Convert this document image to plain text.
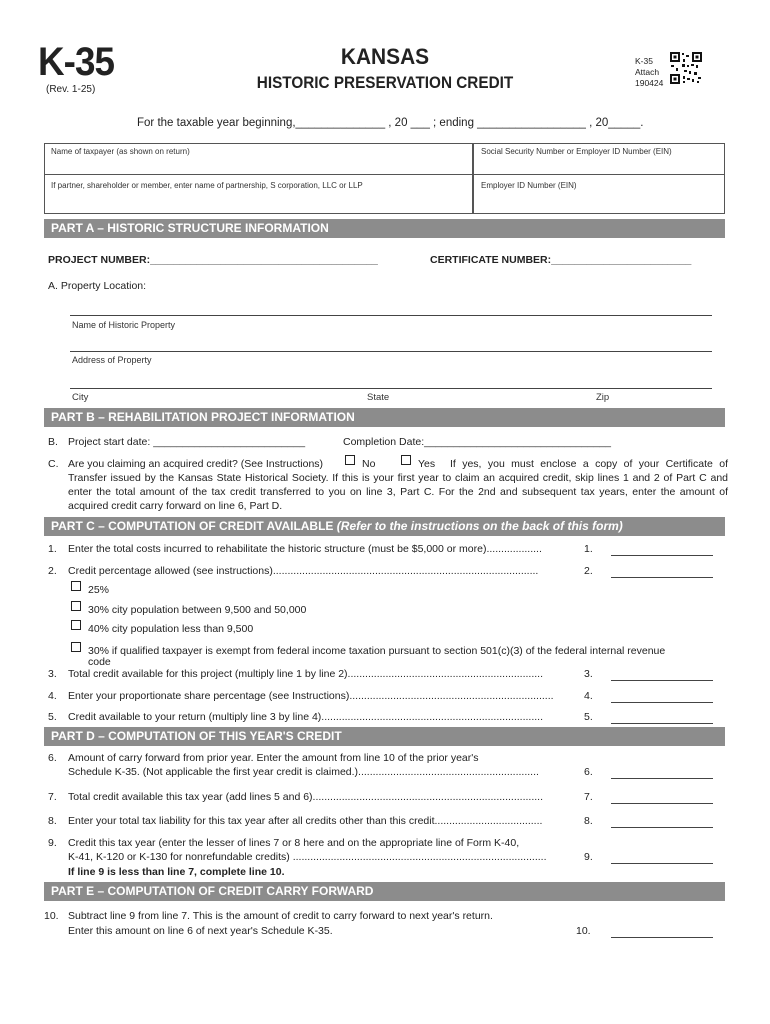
K-35
(Rev. 1-25)
KANSAS
HISTORIC PRESERVATION CREDIT
K-35
Attach
190424
For the taxable year beginning,______________ , 20 ___ ; ending _________________ , 20_____.
Name of taxpayer (as shown on return)	Social Security Number or Employer ID Number (EIN)
If partner, shareholder or member, enter name of partnership, S corporation, LLC or LLP	Employer ID Number (EIN)
PART A – HISTORIC STRUCTURE INFORMATION
PROJECT NUMBER:_______________________________________	CERTIFICATE NUMBER:________________________
A. Property Location:
Name of Historic Property
Address of Property
City	State	Zip
PART B – REHABILITATION PROJECT INFORMATION
B. Project start date: __________________________	Completion Date:________________________________
C. Are you claiming an acquired credit? (See Instructions)	No	Yes If yes, you must enclose a copy of your Certificate of
Transfer issued by the Kansas State Historical Society. If this is your first year to claim an acquired credit, skip lines 1 and 2 of Part C and enter the total amount of the tax credit transferred to you on line 3, Part C. For the 2nd and subsequent tax years, enter the amount of acquired credit carry forward on line 6, Part D.
PART C – COMPUTATION OF CREDIT AVAILABLE (Refer to the instructions on the back of this form)
1. Enter the total costs incurred to rehabilitate the historic structure (must be $5,000 or more)...................	1.
2. Credit percentage allowed (see instructions)...........................................................................................	2.
25%
30% city population between 9,500 and 50,000
40% city population less than 9,500
30% if qualified taxpayer is exempt from federal income taxation pursuant to section 501(c)(3) of the federal internal revenue
code
3. Total credit available for this project (multiply line 1 by line 2)...................................................................	3.
4. Enter your proportionate share percentage (see Instructions)......................................................................	4.
5. Credit available to your return (multiply line 3 by line 4)............................................................................	5.
PART D – COMPUTATION OF THIS YEAR'S CREDIT
6. Amount of carry forward from prior year. Enter the amount from line 10 of the prior year's
Schedule K-35. (Not applicable the first year credit is claimed.)..............................................................	6.
7. Total credit available this tax year (add lines 5 and 6)...............................................................................	7.
8. Enter your total tax liability for this tax year after all credits other than this credit.....................................	8.
9. Credit this tax year (enter the lesser of lines 7 or 8 here and on the appropriate line of Form K-40,
K-41, K-120 or K-130 for nonrefundable credits) .......................................................................................	9.
If line 9 is less than line 7, complete line 10.
PART E – COMPUTATION OF CREDIT CARRY FORWARD
10. Subtract line 9 from line 7. This is the amount of credit to carry forward to next year's return.
Enter this amount on line 6 of next year's Schedule K-35.	10.
